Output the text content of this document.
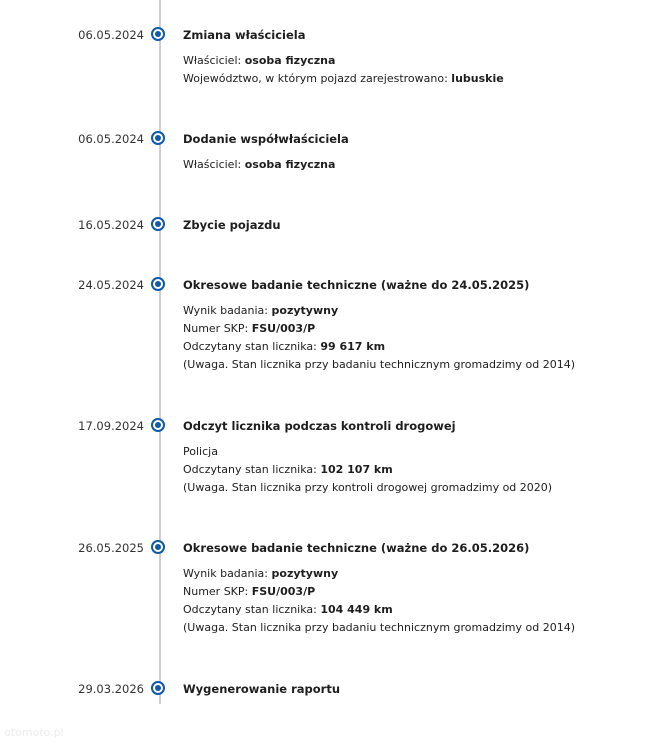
06.05.2024	Zmiana właściciela
Właściciel: osoba fizyczna
Województwo, w którym pojazd zarejestrowano: lubuskie
06.05.2024	Dodanie współwłaściciela
Właściciel: osoba fizyczna
16.05.2024	Zbycie pojazdu
24.05.2024	Okresowe badanie techniczne (ważne do 24.05.2025)
Wynik badania: pozytywny
Numer SKP: FSU/003/P
Odczytany stan licznika: 99 617 km
(Uwaga. Stan licznika przy badaniu technicznym gromadzimy od 2014)
17.09.2024	Odczyt licznika podczas kontroli drogowej
Policja
Odczytany stan licznika: 102 107 km
(Uwaga. Stan licznika przy kontroli drogowej gromadzimy od 2020)
26.05.2025	Okresowe badanie techniczne (ważne do 26.05.2026)
Wynik badania: pozytywny
Numer SKP: FSU/003/P
Odczytany stan licznika: 104 449 km
(Uwaga. Stan licznika przy badaniu technicznym gromadzimy od 2014)
29.03.2026	Wygenerowanie raportu
otomoto.pl
